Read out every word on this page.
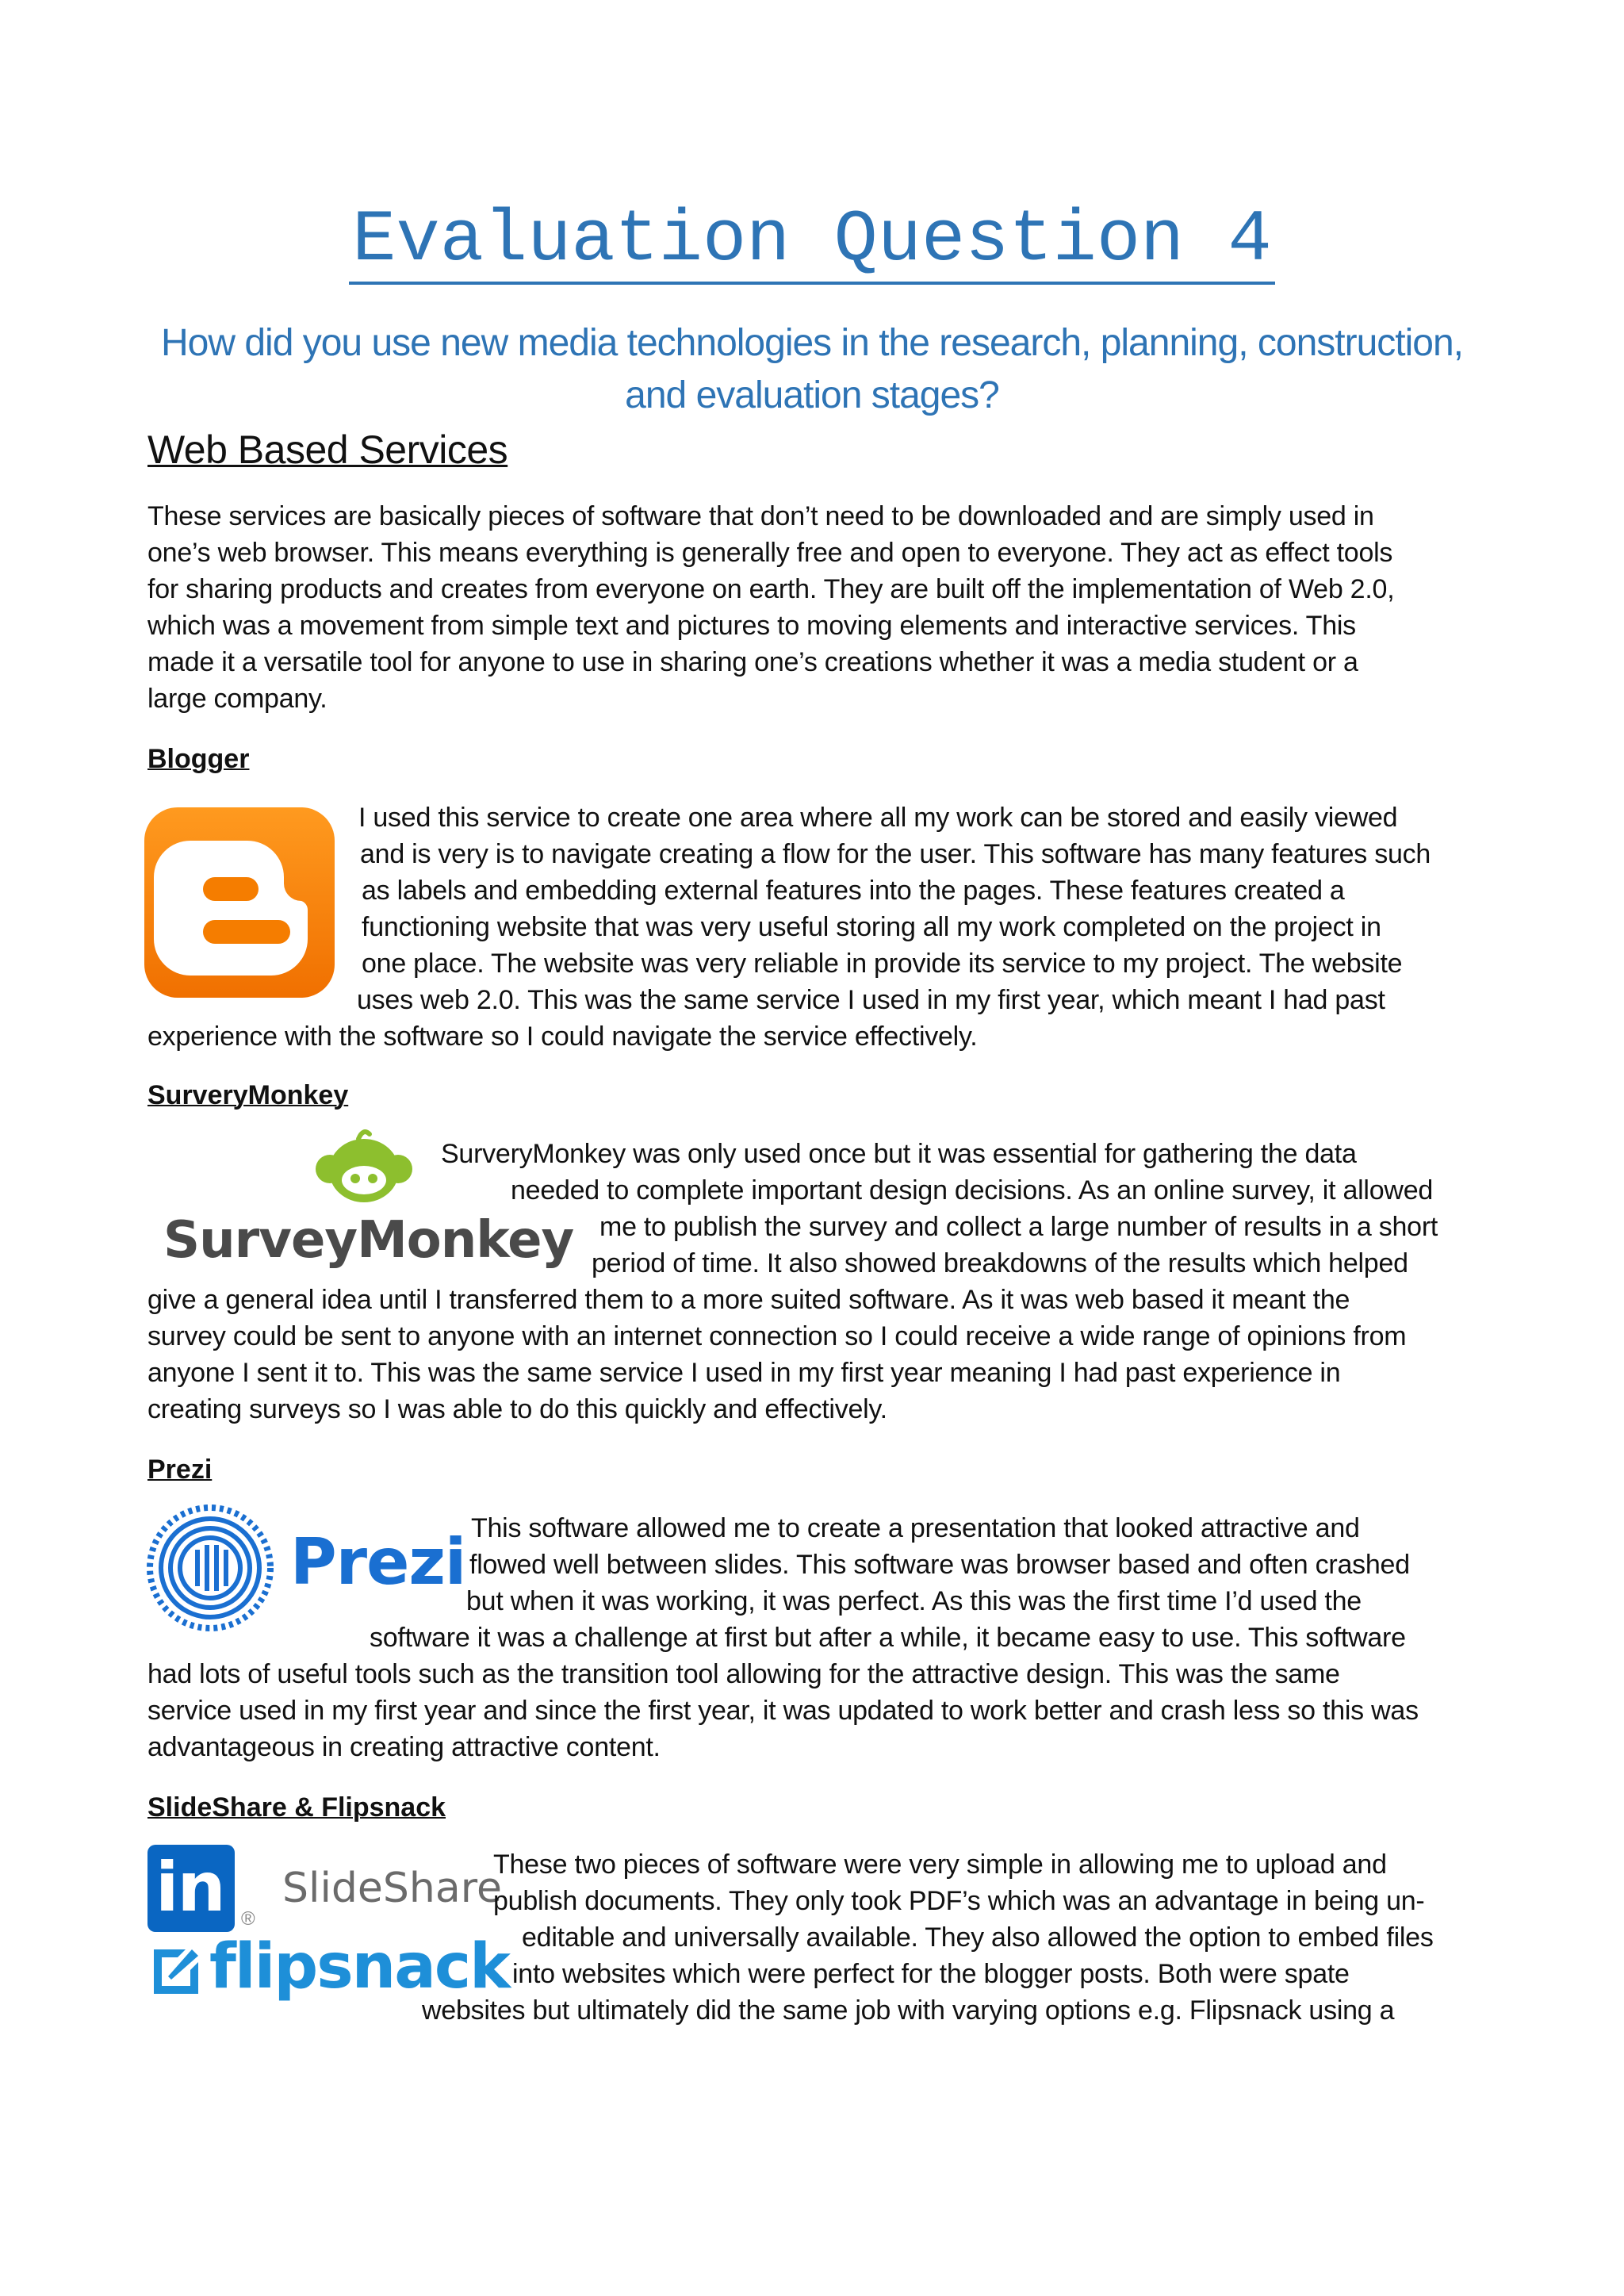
Evaluation Question 4
How did you use new media technologies in the research, planning, construction, and evaluation stages?
Web Based Services
These services are basically pieces of software that don’t need to be downloaded and are simply used in
one’s web browser. This means everything is generally free and open to everyone. They act as effect tools
for sharing products and creates from everyone on earth. They are built off the implementation of Web 2.0,
which was a movement from simple text and pictures to moving elements and interactive services. This
made it a versatile tool for anyone to use in sharing one’s creations whether it was a media student or a
large company.
Blogger
I used this service to create one area where all my work can be stored and easily viewed
and is very is to navigate creating a flow for the user. This software has many features such
as labels and embedding external features into the pages. These features created a
functioning website that was very useful storing all my work completed on the project in
one place. The website was very reliable in provide its service to my project. The website
uses web 2.0. This was the same service I used in my first year, which meant I had past
experience with the software so I could navigate the service effectively.
SurveryMonkey
SurveyMonkey
SurveryMonkey was only used once but it was essential for gathering the data
needed to complete important design decisions. As an online survey, it allowed
me to publish the survey and collect a large number of results in a short
period of time. It also showed breakdowns of the results which helped
give a general idea until I transferred them to a more suited software. As it was web based it meant the
survey could be sent to anyone with an internet connection so I could receive a wide range of opinions from
anyone I sent it to. This was the same service I used in my first year meaning I had past experience in
creating surveys so I was able to do this quickly and effectively.
Prezi
Prezi This software allowed me to create a presentation that looked attractive and
flowed well between slides. This software was browser based and often crashed
but when it was working, it was perfect. As this was the first time I’d used the
software it was a challenge at first but after a while, it became easy to use. This software
had lots of useful tools such as the transition tool allowing for the attractive design. This was the same
service used in my first year and since the first year, it was updated to work better and crash less so this was
advantageous in creating attractive content.
SlideShare & Flipsnack
in ®
SlideShare
flipsnack
These two pieces of software were very simple in allowing me to upload and
publish documents. They only took PDF’s which was an advantage in being un-
editable and universally available. They also allowed the option to embed files
into websites which were perfect for the blogger posts. Both were spate
websites but ultimately did the same job with varying options e.g. Flipsnack using a
